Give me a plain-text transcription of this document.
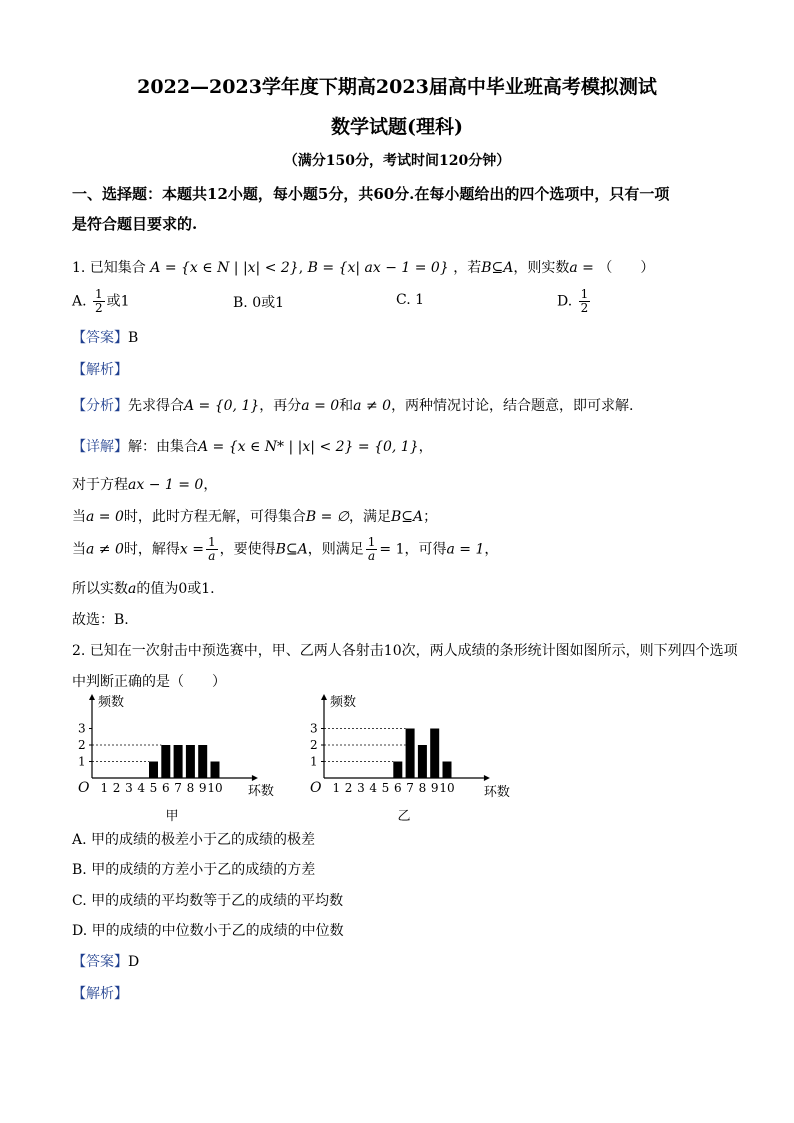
2022—2023学年度下期高2023届高中毕业班高考模拟测试
数学试题(理科)
（满分150分，考试时间120分钟）
一、选择题：本题共12小题，每小题5分，共60分.在每小题给出的四个选项中，只有一项
是符合题目要求的.
1. 已知集合 A = {x ∈ N | |x| < 2}, B = {x| ax − 1 = 0} ，若B⊆A，则实数a = （　　）
A. $\frac{1}{2}$ 或1	B. 0或1	C. 1	D. $\frac{1}{2}$
【答案】B
【解析】
【分析】先求得合A = {0, 1}，再分a = 0和a ≠ 0，两种情况讨论，结合题意，即可求解.
【详解】解：由集合A = {x ∈ N* | |x| < 2} = {0, 1}，
对于方程ax − 1 = 0，
当a = 0时，此时方程无解，可得集合B = ∅，满足B⊆A；
当a ≠ 0时，解得$x = \frac{1}{a}$ ，要使得B⊆A，则满足 $\frac{1}{a} = 1$，可得a = 1，
所以实数a的值为0或1.
故选：B.
2. 已知在一次射击中预选赛中，甲、乙两人各射击10次，两人成绩的条形统计图如图所示，则下列四个选项
中判断正确的是（　　）
频数
O	环数
1
2
3
1 2 3 4 5 6 7 8 9 10
甲
频数
O	环数
1
2
3
1 2 3 4 5 6 7 8 9 10
乙
A. 甲的成绩的极差小于乙的成绩的极差
B. 甲的成绩的方差小于乙的成绩的方差
C. 甲的成绩的平均数等于乙的成绩的平均数
D. 甲的成绩的中位数小于乙的成绩的中位数
【答案】D
【解析】
